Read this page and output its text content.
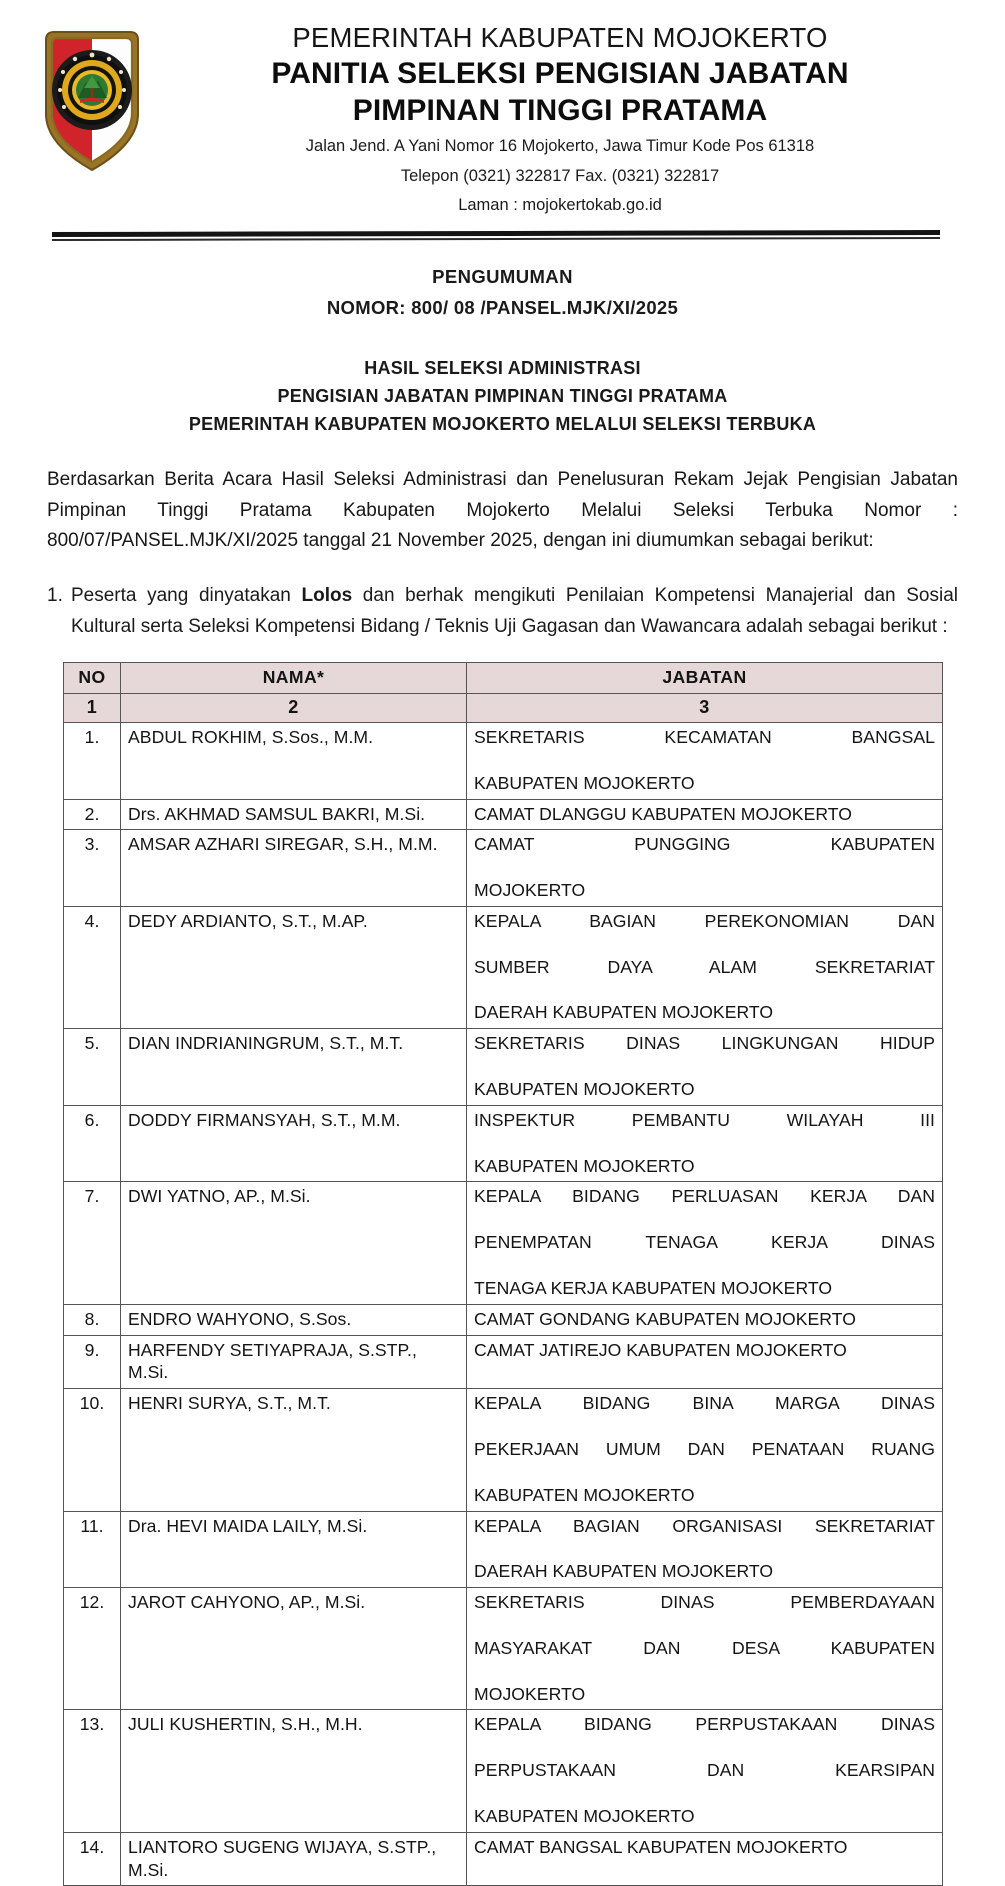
PEMERINTAH KABUPATEN MOJOKERTO
PANITIA SELEKSI PENGISIAN JABATAN
PIMPINAN TINGGI PRATAMA
Jalan Jend. A Yani Nomor 16 Mojokerto, Jawa Timur Kode Pos 61318
Telepon (0321) 322817 Fax. (0321) 322817
Laman : mojokertokab.go.id
PENGUMUMAN
NOMOR: 800/ 08 /PANSEL.MJK/XI/2025
HASIL SELEKSI ADMINISTRASI
PENGISIAN JABATAN PIMPINAN TINGGI PRATAMA
PEMERINTAH KABUPATEN MOJOKERTO MELALUI SELEKSI TERBUKA
Berdasarkan Berita Acara Hasil Seleksi Administrasi dan Penelusuran Rekam Jejak Pengisian Jabatan Pimpinan Tinggi Pratama Kabupaten Mojokerto Melalui Seleksi Terbuka Nomor : 800/07/PANSEL.MJK/XI/2025 tanggal 21 November 2025, dengan ini diumumkan sebagai berikut:
1. Peserta yang dinyatakan Lolos dan berhak mengikuti Penilaian Kompetensi Manajerial dan Sosial Kultural serta Seleksi Kompetensi Bidang / Teknis Uji Gagasan dan Wawancara adalah sebagai berikut :
NO	NAMA*	JABATAN
1	2	3
1.	ABDUL ROKHIM, S.Sos., M.M.	SEKRETARIS KECAMATAN BANGSAL
KABUPATEN MOJOKERTO

2.	Drs. AKHMAD SAMSUL BAKRI, M.Si.	CAMAT DLANGGU KABUPATEN MOJOKERTO

3.	AMSAR AZHARI SIREGAR, S.H., M.M.	CAMAT PUNGGING KABUPATEN
MOJOKERTO

4.	DEDY ARDIANTO, S.T., M.AP.	KEPALA BAGIAN PEREKONOMIAN DAN
SUMBER DAYA ALAM SEKRETARIAT
DAERAH KABUPATEN MOJOKERTO

5.	DIAN INDRIANINGRUM, S.T., M.T.	SEKRETARIS DINAS LINGKUNGAN HIDUP
KABUPATEN MOJOKERTO

6.	DODDY FIRMANSYAH, S.T., M.M.	INSPEKTUR PEMBANTU WILAYAH III
KABUPATEN MOJOKERTO

7.	DWI YATNO, AP., M.Si.	KEPALA BIDANG PERLUASAN KERJA DAN
PENEMPATAN TENAGA KERJA DINAS
TENAGA KERJA KABUPATEN MOJOKERTO

8.	ENDRO WAHYONO, S.Sos.	CAMAT GONDANG KABUPATEN MOJOKERTO

9.	HARFENDY SETIYAPRAJA, S.STP., M.Si.	CAMAT JATIREJO KABUPATEN MOJOKERTO

10.	HENRI SURYA, S.T., M.T.	KEPALA BIDANG BINA MARGA DINAS
PEKERJAAN UMUM DAN PENATAAN RUANG
KABUPATEN MOJOKERTO

11.	Dra. HEVI MAIDA LAILY, M.Si.	KEPALA BAGIAN ORGANISASI SEKRETARIAT
DAERAH KABUPATEN MOJOKERTO

12.	JAROT CAHYONO, AP., M.Si.	SEKRETARIS DINAS PEMBERDAYAAN
MASYARAKAT DAN DESA KABUPATEN
MOJOKERTO

13.	JULI KUSHERTIN, S.H., M.H.	KEPALA BIDANG PERPUSTAKAAN DINAS
PERPUSTAKAAN DAN KEARSIPAN
KABUPATEN MOJOKERTO

14.	LIANTORO SUGENG WIJAYA, S.STP., M.Si.	CAMAT BANGSAL KABUPATEN MOJOKERTO
